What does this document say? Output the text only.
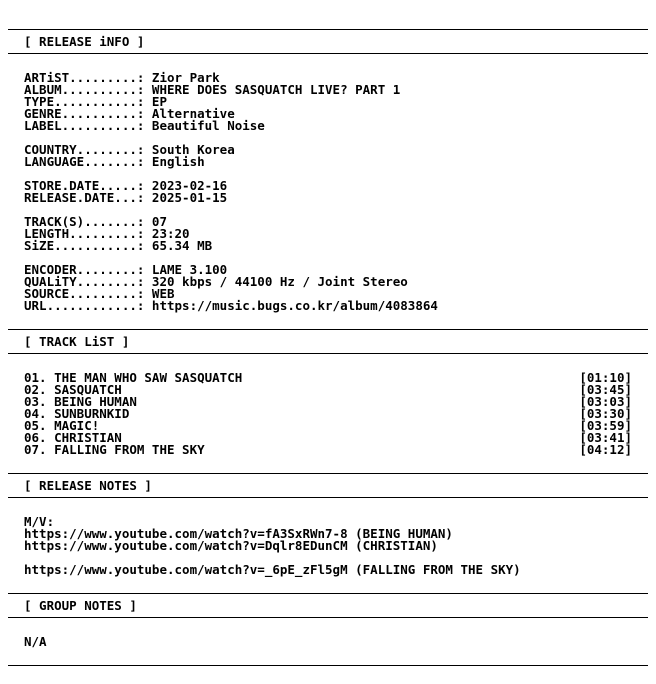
[ RELEASE iNFO ]
ARTiST.........: Zior Park
ALBUM..........: WHERE DOES SASQUATCH LIVE? PART 1
TYPE...........: EP
GENRE..........: Alternative
LABEL..........: Beautiful Noise
COUNTRY........: South Korea
LANGUAGE.......: English
STORE.DATE.....: 2023-02-16
RELEASE.DATE...: 2025-01-15
TRACK(S).......: 07
LENGTH.........: 23:20
SiZE...........: 65.34 MB
ENCODER........: LAME 3.100
QUALiTY........: 320 kbps / 44100 Hz / Joint Stereo
SOURCE.........: WEB
URL............: https://music.bugs.co.kr/album/4083864
[ TRACK LiST ]
01. THE MAN WHO SAW SASQUATCH	[01:10]
02. SASQUATCH	[03:45]
03. BEING HUMAN	[03:03]
04. SUNBURNKID	[03:30]
05. MAGIC!	[03:59]
06. CHRISTIAN	[03:41]
07. FALLING FROM THE SKY	[04:12]
[ RELEASE NOTES ]
M/V:
https://www.youtube.com/watch?v=fA3SxRWn7-8 (BEING HUMAN)
https://www.youtube.com/watch?v=Dqlr8EDunCM (CHRISTIAN)
https://www.youtube.com/watch?v=_6pE_zFl5gM (FALLING FROM THE SKY)
[ GROUP NOTES ]
N/A
